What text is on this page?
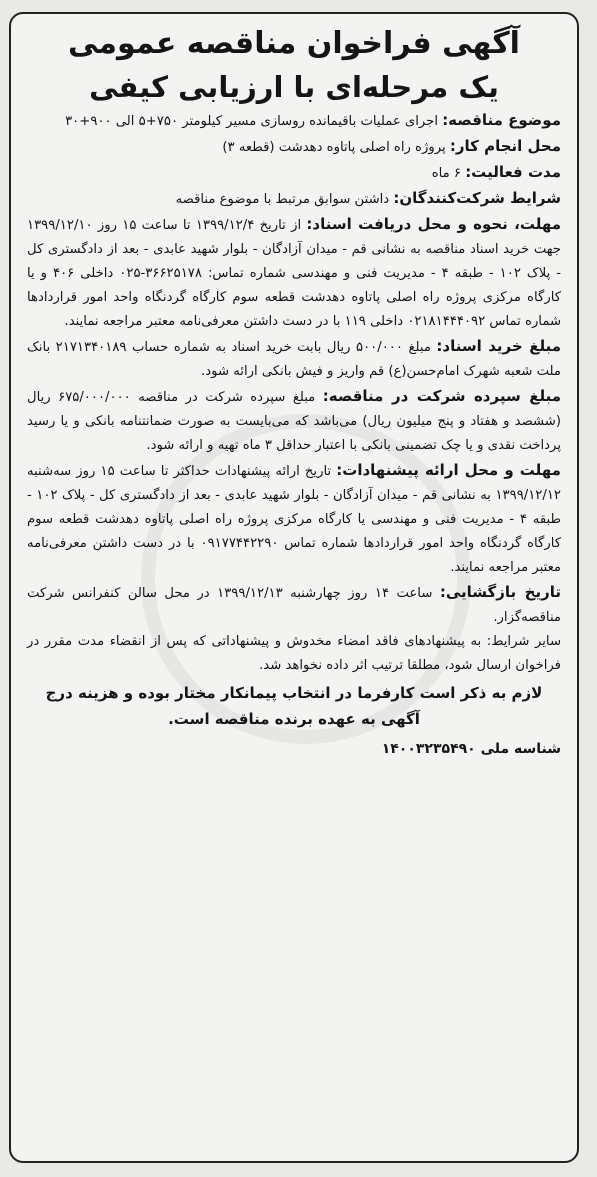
آگهی فراخوان مناقصه عمومی
یک مرحله‌ای با ارزیابی کیفی

موضوع مناقصه: اجرای عملیات باقیمانده روسازی مسیر کیلومتر ۷۵۰+۵ الی ۹۰۰+۳۰

محل انجام کار: پروژه راه اصلی پاتاوه دهدشت (قطعه ۳)

مدت فعالیت: ۶ ماه

شرایط شرکت‌کنندگان: داشتن سوابق مرتبط با موضوع مناقصه

مهلت، نحوه و محل دریافت اسناد: از تاریخ ۱۳۹۹/۱۲/۴ تا ساعت ۱۵ روز ۱۳۹۹/۱۲/۱۰ جهت خرید اسناد مناقصه به نشانی قم - میدان آزادگان - بلوار شهید عابدی - بعد از دادگستری کل - پلاک ۱۰۲ - طبقه ۴ - مدیریت فنی و مهندسی شماره تماس: ۳۶۶۲۵۱۷۸-۰۲۵ داخلی ۴۰۶ و یا کارگاه مرکزی پروژه راه اصلی پاتاوه دهدشت قطعه سوم کارگاه گردنگاه واحد امور قراردادها شماره تماس ۰۲۱۸۱۴۴۴۰۹۲ داخلی ۱۱۹ با در دست داشتن معرفی‌نامه معتبر مراجعه نمایند.

مبلغ خرید اسناد: مبلغ ۵۰۰/۰۰۰ ریال بابت خرید اسناد به شماره حساب ۲۱۷۱۳۴۰۱۸۹ بانک ملت شعبه شهرک امام‌حسن(ع) قم واریز و فیش بانکی ارائه شود.

مبلغ سپرده شرکت در مناقصه: مبلغ سپرده شرکت در مناقصه ۶۷۵/۰۰۰/۰۰۰ ریال (ششصد و هفتاد و پنج میلیون ریال) می‌باشد که می‌بایست به صورت ضمانتنامه بانکی و یا رسید پرداخت نقدی و یا چک تضمینی بانکی با اعتبار حداقل ۳ ماه تهیه و ارائه شود.

مهلت و محل ارائه پیشنهادات: تاریخ ارائه پیشنهادات حداکثر تا ساعت ۱۵ روز سه‌شنبه ۱۳۹۹/۱۲/۱۲ به نشانی قم - میدان آزادگان - بلوار شهید عابدی - بعد از دادگستری کل - پلاک ۱۰۲ - طبقه ۴ - مدیریت فنی و مهندسی یا کارگاه مرکزی پروژه راه اصلی پاتاوه دهدشت قطعه سوم کارگاه گردنگاه واحد امور قراردادها شماره تماس ۰۹۱۷۷۴۴۲۲۹۰ با در دست داشتن معرفی‌نامه معتبر مراجعه نمایند.

تاریخ بازگشایی: ساعت ۱۴ روز چهارشنبه ۱۳۹۹/۱۲/۱۳ در محل سالن کنفرانس شرکت مناقصه‌گزار.

سایر شرایط: به پیشنهادهای فاقد امضاء مخدوش و پیشنهاداتی که پس از انقضاء مدت مقرر در فراخوان ارسال شود، مطلقا ترتیب اثر داده نخواهد شد.

لازم به ذکر است کارفرما در انتخاب پیمانکار مختار بوده و هزینه درج آگهی به عهده برنده مناقصه است.

شناسه ملی ۱۴۰۰۳۲۳۵۴۹۰
